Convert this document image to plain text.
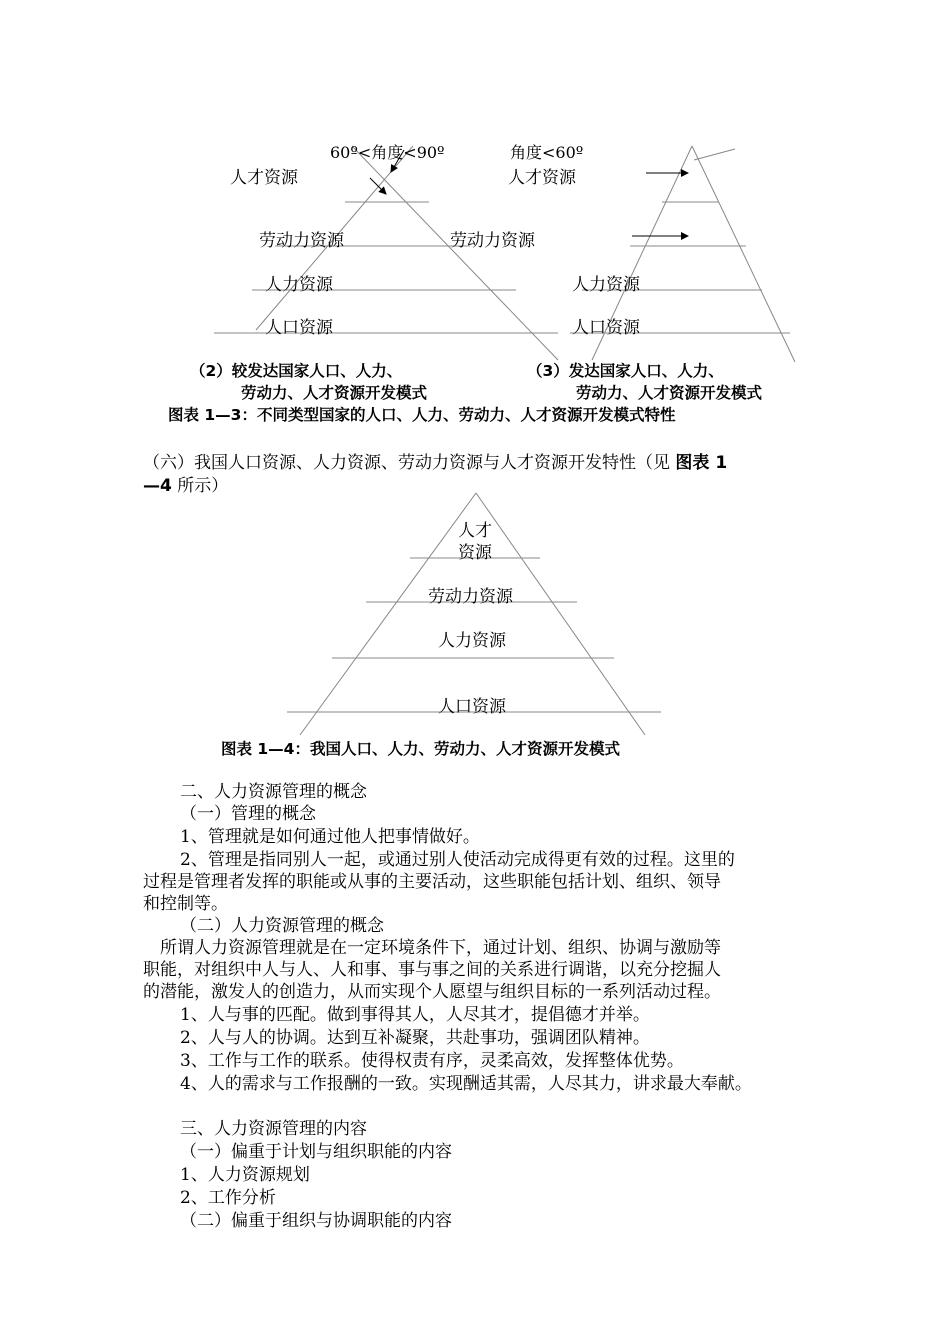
60º<角度<90º
人才资源
劳动力资源	劳动力资源
人力资源
人口资源
（2）较发达国家人口、人力、
劳动力、人才资源开发模式
角度<60º
人才资源
人力资源
人口资源
（3）发达国家人口、人力、
劳动力、人才资源开发模式
图表 1—3：不同类型国家的人口、人力、劳动力、人才资源开发模式特性
（六）我国人口资源、人力资源、劳动力资源与人才资源开发特性（见 图表 1
—4 所示）
人才
资源
劳动力资源
人力资源
人口资源
图表 1—4：我国人口、人力、劳动力、人才资源开发模式
二、人力资源管理的概念
（一）管理的概念
1、管理就是如何通过他人把事情做好。
2、管理是指同别人一起，或通过别人使活动完成得更有效的过程。这里的
过程是管理者发挥的职能或从事的主要活动，这些职能包括计划、组织、领导
和控制等。
（二）人力资源管理的概念
所谓人力资源管理就是在一定环境条件下，通过计划、组织、协调与激励等
职能，对组织中人与人、人和事、事与事之间的关系进行调谐，以充分挖掘人
的潜能，激发人的创造力，从而实现个人愿望与组织目标的一系列活动过程。
1、人与事的匹配。做到事得其人，人尽其才，提倡德才并举。
2、人与人的协调。达到互补凝聚，共赴事功，强调团队精神。
3、工作与工作的联系。使得权责有序，灵柔高效，发挥整体优势。
4、人的需求与工作报酬的一致。实现酬适其需，人尽其力，讲求最大奉献。
三、人力资源管理的内容
（一）偏重于计划与组织职能的内容
1、人力资源规划
2、工作分析
（二）偏重于组织与协调职能的内容
